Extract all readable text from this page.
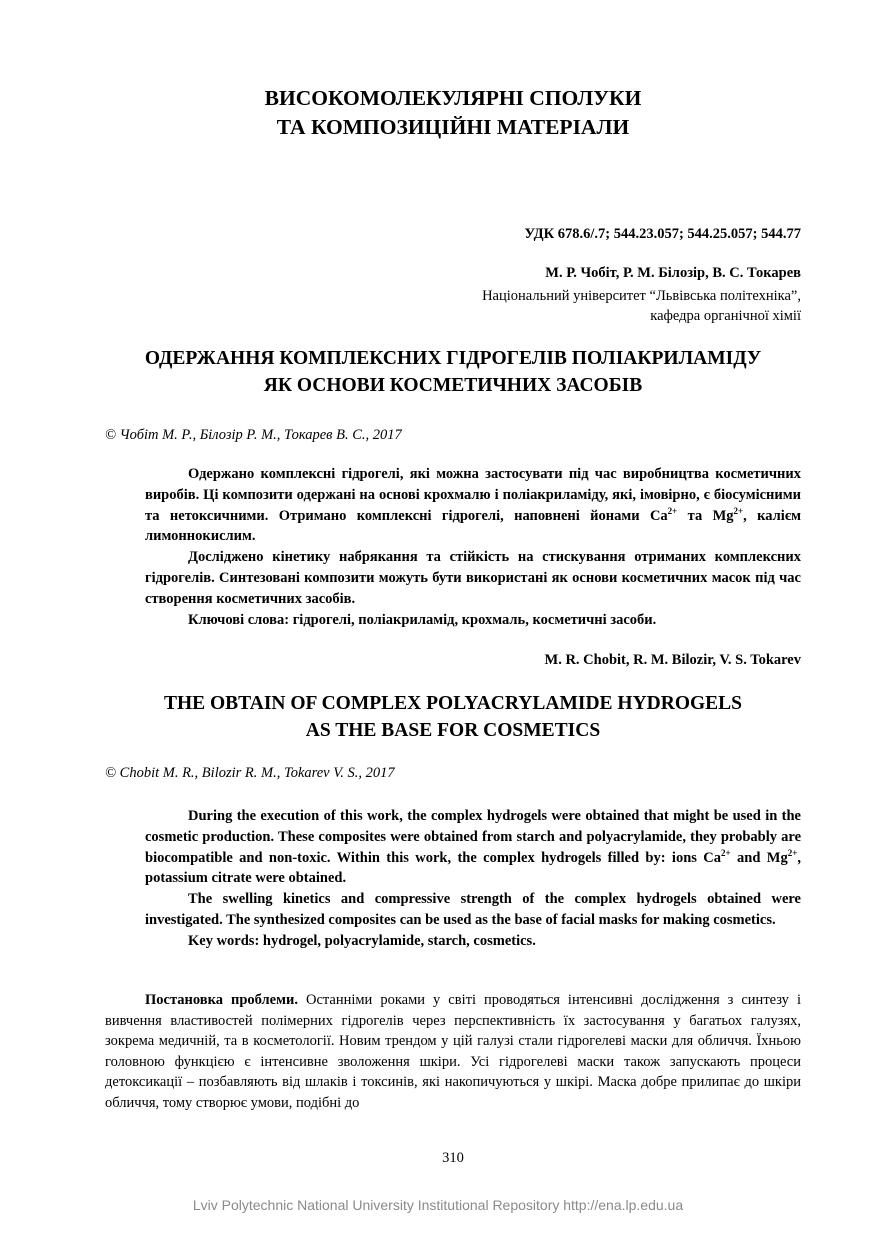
ВИСОКОМОЛЕКУЛЯРНІ СПОЛУКИ
ТА КОМПОЗИЦІЙНІ МАТЕРІАЛИ
УДК 678.6/.7; 544.23.057; 544.25.057; 544.77
М. Р. Чобіт, Р. М. Білозір, В. С. Токарев
Національний університет “Львівська політехніка”,
кафедра органічної хімії
ОДЕРЖАННЯ КОМПЛЕКСНИХ ГІДРОГЕЛІВ ПОЛІАКРИЛАМІДУ
ЯК ОСНОВИ КОСМЕТИЧНИХ ЗАСОБІВ
© Чобіт М. Р., Білозір Р. М., Токарев В. С., 2017

Одержано комплексні гідрогелі, які можна застосувати під час виробництва косметичних виробів. Ці композити одержані на основі крохмалю і поліакриламіду, які, імовірно, є біосумісними та нетоксичними. Отримано комплексні гідрогелі, наповнені йонами $Са^{2+}$ та $Mg^{2+}$, калієм лимоннокислим.

Досліджено кінетику набрякання та стійкість на стискування отриманих комплексних гідрогелів. Синтезовані композити можуть бути використані як основи косметичних масок під час створення косметичних засобів.

Ключові слова: гідрогелі, поліакриламід, крохмаль, косметичні засоби.

M. R. Chobit, R. M. Bilozir, V. S. Tokarev
THE OBTAIN OF COMPLEX POLYACRYLAMIDE HYDROGELS
AS THE BASE FOR COSMETICS
© Chobit M. R., Bilozir R. M., Tokarev V. S., 2017

During the execution of this work, the complex hydrogels were obtained that might be used in the cosmetic production. These composites were obtained from starch and polyacrylamide, they probably are biocompatible and non-toxic. Within this work, the complex hydrogels filled by: ions $Ca^{2+}$ and $Mg^{2+}$, potassium citrate were obtained.

The swelling kinetics and compressive strength of the complex hydrogels obtained were investigated. The synthesized composites can be used as the base of facial masks for making cosmetics.

Key words: hydrogel, polyacrylamide, starch, cosmetics.

Постановка проблеми. Останніми роками у світі проводяться інтенсивні дослідження з синтезу і вивчення властивостей полімерних гідрогелів через перспективність їх застосування у багатьох галузях, зокрема медичній, та в косметології. Новим трендом у цій галузі стали гідрогелеві маски для обличчя. Їхньою головною функцією є інтенсивне зволоження шкіри. Усі гідрогелеві маски також запускають процеси детоксикації – позбавляють від шлаків і токсинів, які накопичуються у шкірі. Маска добре прилипає до шкіри обличчя, тому створює умови, подібні до

310
Lviv Polytechnic National University Institutional Repository http://ena.lp.edu.ua
